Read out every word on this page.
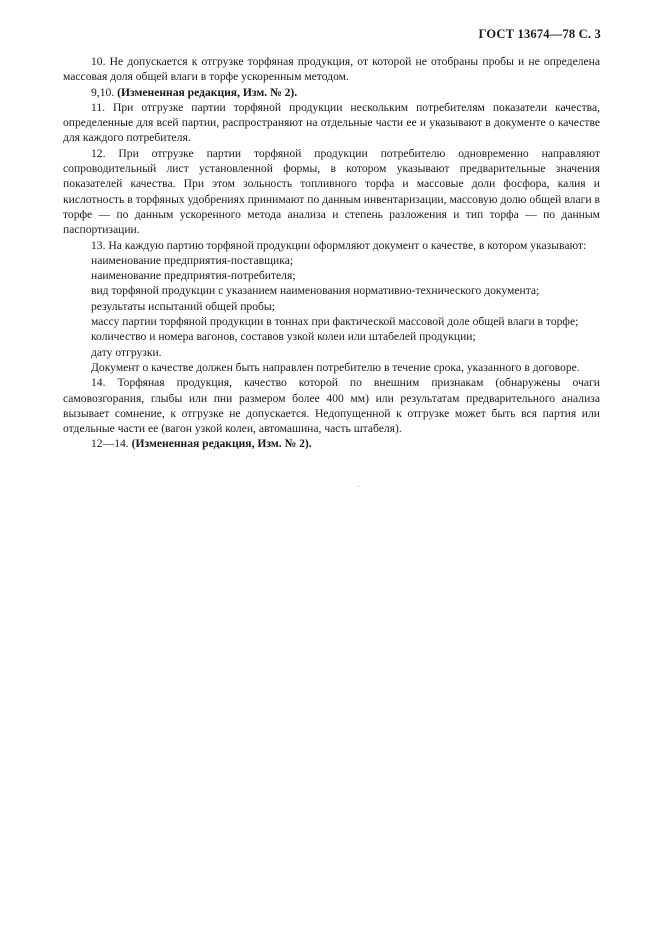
ГОСТ 13674—78 С. 3

10. Не допускается к отгрузке торфяная продукция, от которой не отобраны пробы и не определена массовая доля общей влаги в торфе ускоренным методом.

9,10. (Измененная редакция, Изм. № 2).

11. При отгрузке партии торфяной продукции нескольким потребителям показатели качества, определенные для всей партии, распространяют на отдельные части ее и указывают в документе о качестве для каждого потребителя.

12. При отгрузке партии торфяной продукции потребителю одновременно направляют сопроводительный лист установленной формы, в котором указывают предварительные значения показателей качества. При этом зольность топливного торфа и массовые доли фосфора, калия и кислотность в торфяных удобрениях принимают по данным инвентаризации, массовую долю общей влаги в торфе — по данным ускоренного метода анализа и степень разложения и тип торфа — по данным паспортизации.

13. На каждую партию торфяной продукции оформляют документ о качестве, в котором указывают:

наименование предприятия-поставщика;

наименование предприятия-потребителя;

вид торфяной продукции с указанием наименования нормативно-технического документа;

результаты испытаний общей пробы;

массу партии торфяной продукции в тоннах при фактической массовой доле общей влаги в торфе;

количество и номера вагонов, составов узкой колеи или штабелей продукции;

дату отгрузки.

Документ о качестве должен быть направлен потребителю в течение срока, указанного в договоре.

14. Торфяная продукция, качество которой по внешним признакам (обнаружены очаги самовозгорания, глыбы или пни размером более 400 мм) или результатам предварительного анализа вызывает сомнение, к отгрузке не допускается. Недопущенной к отгрузке может быть вся партия или отдельные части ее (вагон узкой колеи, автомашина, часть штабеля).

12—14. (Измененная редакция, Изм. № 2).
